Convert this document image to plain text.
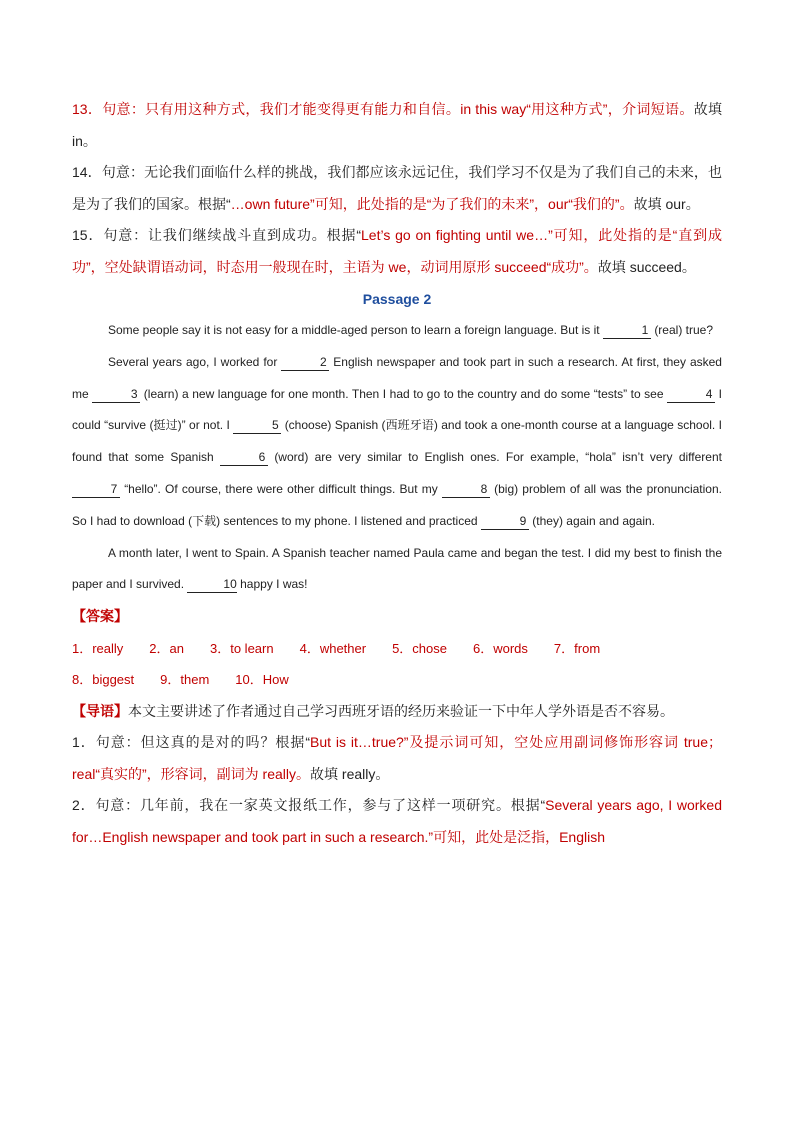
13．句意：只有用这种方式，我们才能变得更有能力和自信。in this way“用这种方式”，介词短语。故填 in。

14．句意：无论我们面临什么样的挑战，我们都应该永远记住，我们学习不仅是为了我们自己的未来，也是为了我们的国家。根据“…own future”可知，此处指的是“为了我们的未来”，our“我们的”。故填 our。

15．句意：让我们继续战斗直到成功。根据“Let’s go on fighting until we…”可知，此处指的是“直到成功”，空处缺谓语动词，时态用一般现在时，主语为 we，动词用原形 succeed“成功”。故填 succeed。

Passage 2

Some people say it is not easy for a middle-aged person to learn a foreign language. But is it	1 (real) true?

Several years ago, I worked for	2 English newspaper and took part in such a research. At first, they asked me	3 (learn) a new language for one month. Then I had to go to the country and do some “tests” to see	4 I could “survive (挺过)” or not. I	5 (choose) Spanish (西班牙语) and took a one-month course at a language school. I found that some Spanish	6 (word) are very similar to English ones. For example, “hola” isn’t very different 7 “hello”. Of course, there were other difficult things. But my	8 (big) problem of all was the pronunciation. So I had to download (下载) sentences to my phone. I listened and practiced	9 (they) again and again.

A month later, I went to Spain. A Spanish teacher named Paula came and began the test. I did my best to finish the paper and I survived.	10 happy I was!

【答案】

1．really 2．an 3．to learn 4．whether 5．chose 6．words 7．from

8．biggest 9．them 10．How

【导语】本文主要讲述了作者通过自己学习西班牙语的经历来验证一下中年人学外语是否不容易。

1．句意：但这真的是对的吗？根据“But is it…true?”及提示词可知，空处应用副词修饰形容词 true；real“真实的”，形容词，副词为 really。故填 really。

2．句意：几年前，我在一家英文报纸工作，参与了这样一项研究。根据“Several years ago, I worked for…English newspaper and took part in such a research.”可知，此处是泛指，English
